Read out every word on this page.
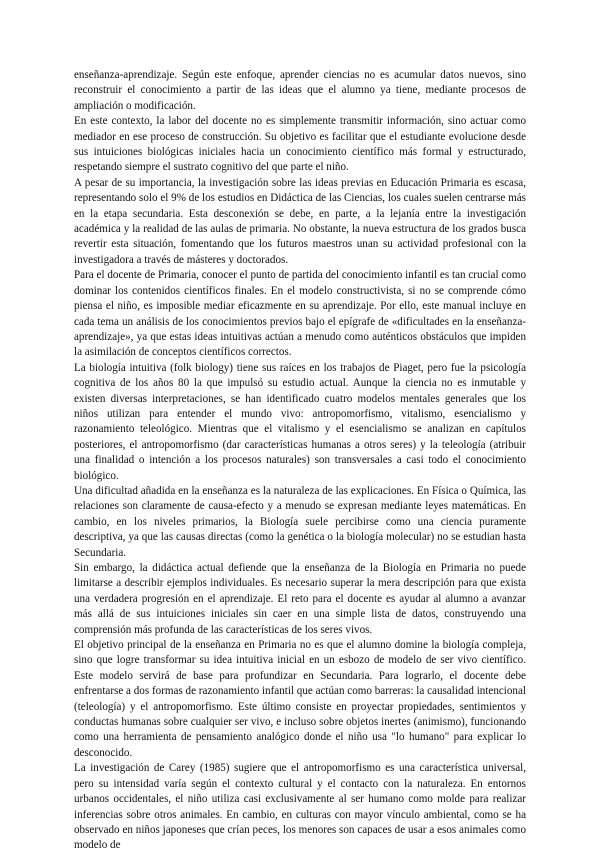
enseñanza-aprendizaje. Según este enfoque, aprender ciencias no es acumular datos nuevos, sino reconstruir el conocimiento a partir de las ideas que el alumno ya tiene, mediante procesos de ampliación o modificación.

En este contexto, la labor del docente no es simplemente transmitir información, sino actuar como mediador en ese proceso de construcción. Su objetivo es facilitar que el estudiante evolucione desde sus intuiciones biológicas iniciales hacia un conocimiento científico más formal y estructurado, respetando siempre el sustrato cognitivo del que parte el niño.

A pesar de su importancia, la investigación sobre las ideas previas en Educación Primaria es escasa, representando solo el 9% de los estudios en Didáctica de las Ciencias, los cuales suelen centrarse más en la etapa secundaria. Esta desconexión se debe, en parte, a la lejanía entre la investigación académica y la realidad de las aulas de primaria. No obstante, la nueva estructura de los grados busca revertir esta situación, fomentando que los futuros maestros unan su actividad profesional con la investigadora a través de másteres y doctorados.

Para el docente de Primaria, conocer el punto de partida del conocimiento infantil es tan crucial como dominar los contenidos científicos finales. En el modelo constructivista, si no se comprende cómo piensa el niño, es imposible mediar eficazmente en su aprendizaje. Por ello, este manual incluye en cada tema un análisis de los conocimientos previos bajo el epígrafe de «dificultades en la enseñanza-aprendizaje», ya que estas ideas intuitivas actúan a menudo como auténticos obstáculos que impiden la asimilación de conceptos científicos correctos.

La biología intuitiva (folk biology) tiene sus raíces en los trabajos de Piaget, pero fue la psicología cognitiva de los años 80 la que impulsó su estudio actual. Aunque la ciencia no es inmutable y existen diversas interpretaciones, se han identificado cuatro modelos mentales generales que los niños utilizan para entender el mundo vivo: antropomorfismo, vitalismo, esencialismo y razonamiento teleológico. Mientras que el vitalismo y el esencialismo se analizan en capítulos posteriores, el antropomorfismo (dar características humanas a otros seres) y la teleología (atribuir una finalidad o intención a los procesos naturales) son transversales a casi todo el conocimiento biológico.

Una dificultad añadida en la enseñanza es la naturaleza de las explicaciones. En Física o Química, las relaciones son claramente de causa-efecto y a menudo se expresan mediante leyes matemáticas. En cambio, en los niveles primarios, la Biología suele percibirse como una ciencia puramente descriptiva, ya que las causas directas (como la genética o la biología molecular) no se estudian hasta Secundaria.

Sin embargo, la didáctica actual defiende que la enseñanza de la Biología en Primaria no puede limitarse a describir ejemplos individuales. Es necesario superar la mera descripción para que exista una verdadera progresión en el aprendizaje. El reto para el docente es ayudar al alumno a avanzar más allá de sus intuiciones iniciales sin caer en una simple lista de datos, construyendo una comprensión más profunda de las características de los seres vivos.

El objetivo principal de la enseñanza en Primaria no es que el alumno domine la biología compleja, sino que logre transformar su idea intuitiva inicial en un esbozo de modelo de ser vivo científico. Este modelo servirá de base para profundizar en Secundaria. Para lograrlo, el docente debe enfrentarse a dos formas de razonamiento infantil que actúan como barreras: la causalidad intencional (teleología) y el antropomorfismo. Este último consiste en proyectar propiedades, sentimientos y conductas humanas sobre cualquier ser vivo, e incluso sobre objetos inertes (animismo), funcionando como una herramienta de pensamiento analógico donde el niño usa "lo humano" para explicar lo desconocido.

La investigación de Carey (1985) sugiere que el antropomorfismo es una característica universal, pero su intensidad varía según el contexto cultural y el contacto con la naturaleza. En entornos urbanos occidentales, el niño utiliza casi exclusivamente al ser humano como molde para realizar inferencias sobre otros animales. En cambio, en culturas con mayor vínculo ambiental, como se ha observado en niños japoneses que crían peces, los menores son capaces de usar a esos animales como modelo de
